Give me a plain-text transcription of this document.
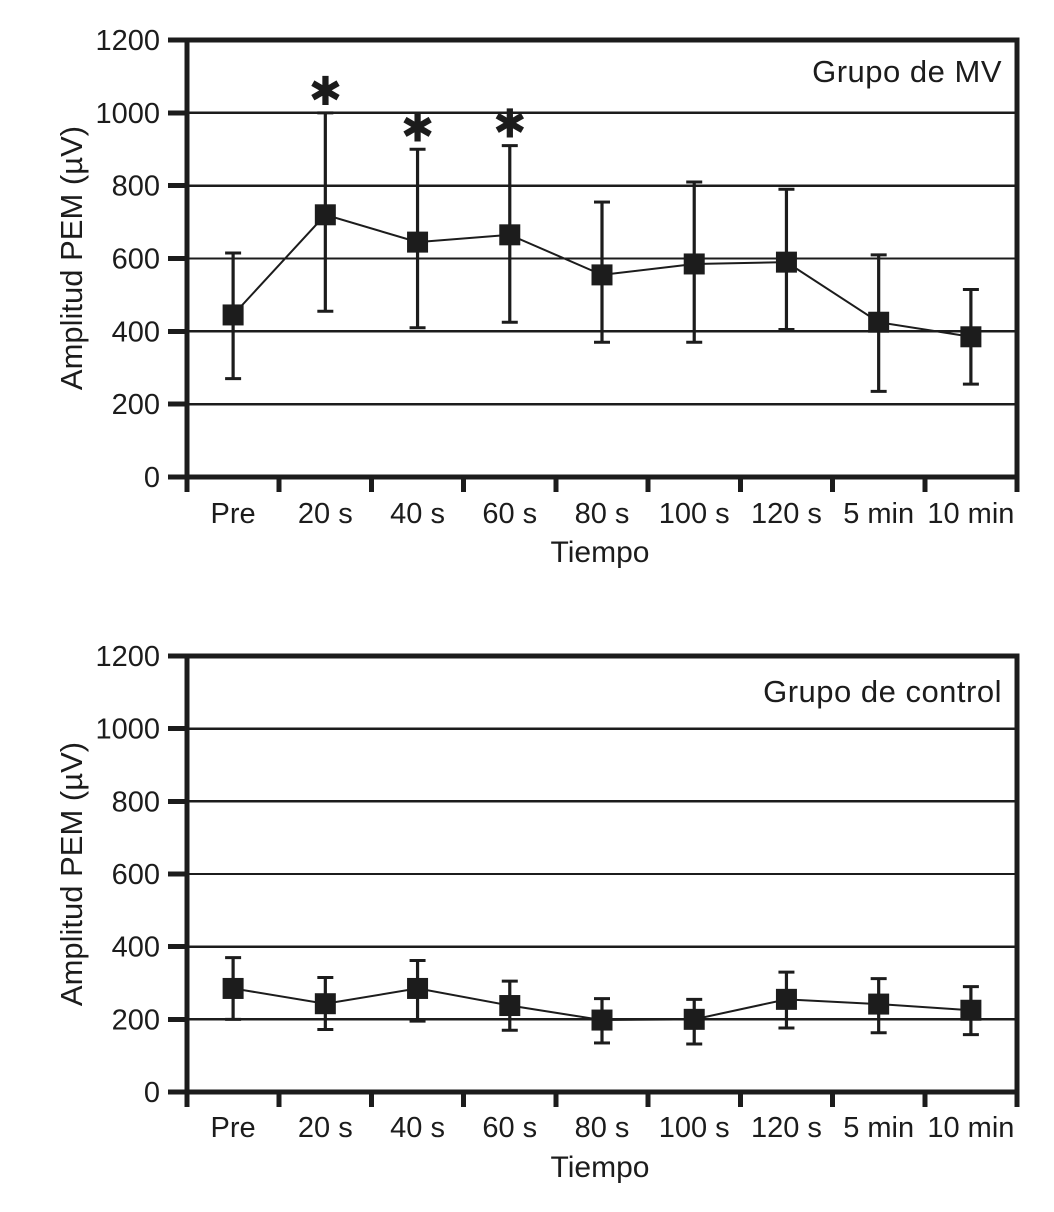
0
200
400
600
800
1000
1200
✱
✱ ✱
Pre 20 s 40 s 60 s 80 s 100 s 120 s 5 min 10 min
0
200
400
600
800
1000
1200
Pre 20 s 40 s 60 s 80 s 100 s 120 s 5 min 10 min
Grupo de MV
Grupo de control
Amplitud PEM (µV)
Amplitud PEM (µV)
Tiempo
Tiempo
